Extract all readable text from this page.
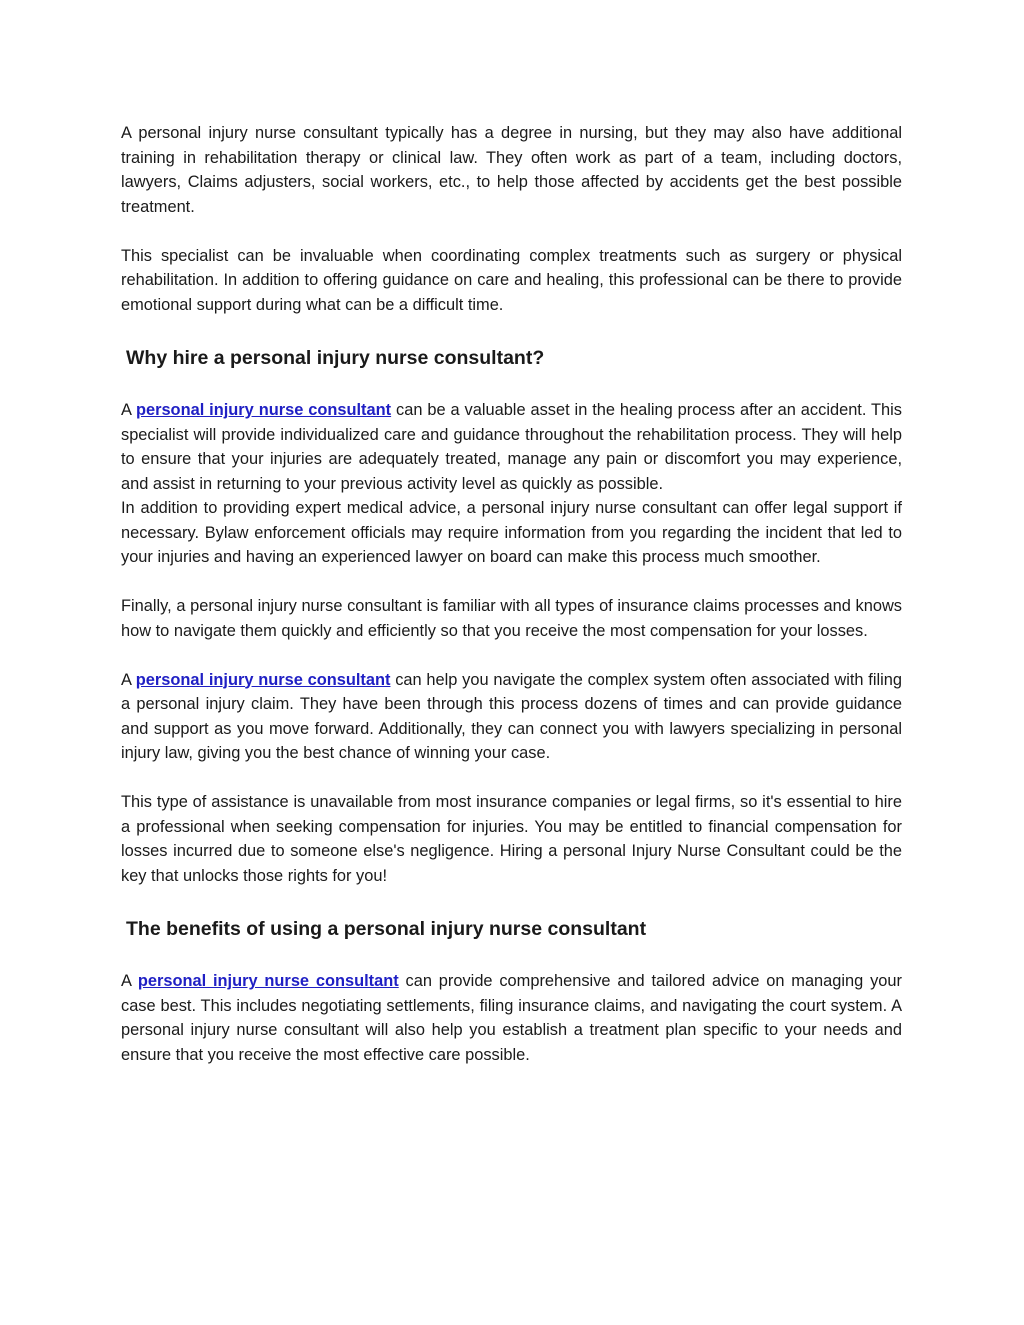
A personal injury nurse consultant typically has a degree in nursing, but they may also have additional training in rehabilitation therapy or clinical law. They often work as part of a team, including doctors, lawyers, Claims adjusters, social workers, etc., to help those affected by accidents get the best possible treatment.

This specialist can be invaluable when coordinating complex treatments such as surgery or physical rehabilitation. In addition to offering guidance on care and healing, this professional can be there to provide emotional support during what can be a difficult time.

Why hire a personal injury nurse consultant?

A personal injury nurse consultant can be a valuable asset in the healing process after an accident. This specialist will provide individualized care and guidance throughout the rehabilitation process. They will help to ensure that your injuries are adequately treated, manage any pain or discomfort you may experience, and assist in returning to your previous activity level as quickly as possible.

In addition to providing expert medical advice, a personal injury nurse consultant can offer legal support if necessary. Bylaw enforcement officials may require information from you regarding the incident that led to your injuries and having an experienced lawyer on board can make this process much smoother.

Finally, a personal injury nurse consultant is familiar with all types of insurance claims processes and knows how to navigate them quickly and efficiently so that you receive the most compensation for your losses.

A personal injury nurse consultant can help you navigate the complex system often associated with filing a personal injury claim. They have been through this process dozens of times and can provide guidance and support as you move forward. Additionally, they can connect you with lawyers specializing in personal injury law, giving you the best chance of winning your case.

This type of assistance is unavailable from most insurance companies or legal firms, so it's essential to hire a professional when seeking compensation for injuries. You may be entitled to financial compensation for losses incurred due to someone else's negligence. Hiring a personal Injury Nurse Consultant could be the key that unlocks those rights for you!

The benefits of using a personal injury nurse consultant

A personal injury nurse consultant can provide comprehensive and tailored advice on managing your case best. This includes negotiating settlements, filing insurance claims, and navigating the court system. A personal injury nurse consultant will also help you establish a treatment plan specific to your needs and ensure that you receive the most effective care possible.
